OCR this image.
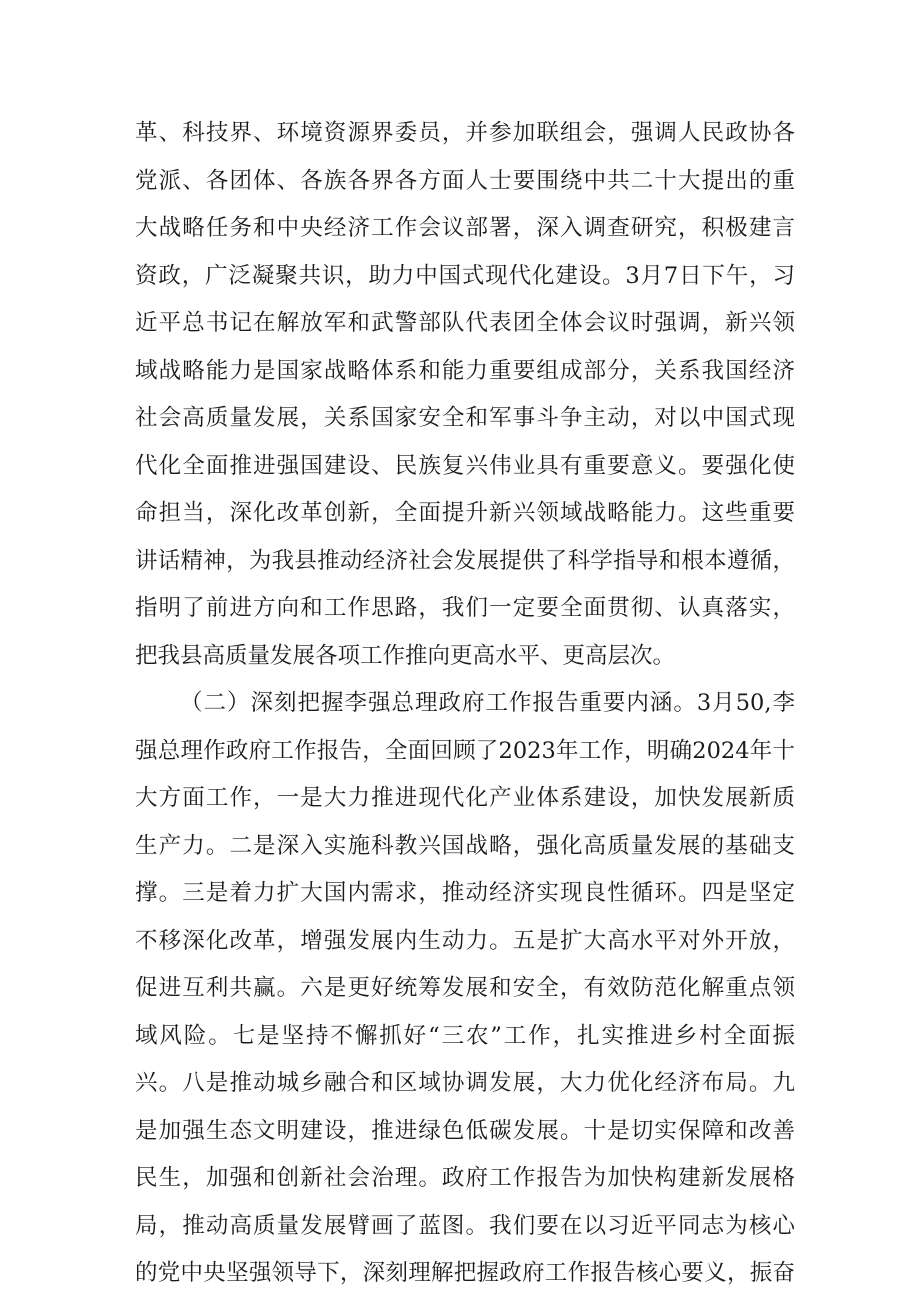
革、科技界、环境资源界委员，并参加联组会，强调人民政协各
党派、各团体、各族各界各方面人士要围绕中共二十大提出的重
大战略任务和中央经济工作会议部署，深入调查研究，积极建言
资政，广泛凝聚共识，助力中国式现代化建设。3月7日下午，习
近平总书记在解放军和武警部队代表团全体会议时强调，新兴领
域战略能力是国家战略体系和能力重要组成部分，关系我国经济
社会高质量发展，关系国家安全和军事斗争主动，对以中国式现
代化全面推进强国建设、民族复兴伟业具有重要意义。要强化使
命担当，深化改革创新，全面提升新兴领域战略能力。这些重要
讲话精神，为我县推动经济社会发展提供了科学指导和根本遵循，
指明了前进方向和工作思路，我们一定要全面贯彻、认真落实，
把我县高质量发展各项工作推向更高水平、更高层次。
（二）深刻把握李强总理政府工作报告重要内涵。3月50,李
强总理作政府工作报告，全面回顾了2023年工作，明确2024年十
大方面工作，一是大力推进现代化产业体系建设，加快发展新质
生产力。二是深入实施科教兴国战略，强化高质量发展的基础支
撑。三是着力扩大国内需求，推动经济实现良性循环。四是坚定
不移深化改革，增强发展内生动力。五是扩大高水平对外开放，
促进互利共赢。六是更好统筹发展和安全，有效防范化解重点领
域风险。七是坚持不懈抓好“三农”工作，扎实推进乡村全面振
兴。八是推动城乡融合和区域协调发展，大力优化经济布局。九
是加强生态文明建设，推进绿色低碳发展。十是切实保障和改善
民生，加强和创新社会治理。政府工作报告为加快构建新发展格
局，推动高质量发展臂画了蓝图。我们要在以习近平同志为核心
的党中央坚强领导下，深刻理解把握政府工作报告核心要义，振奋
